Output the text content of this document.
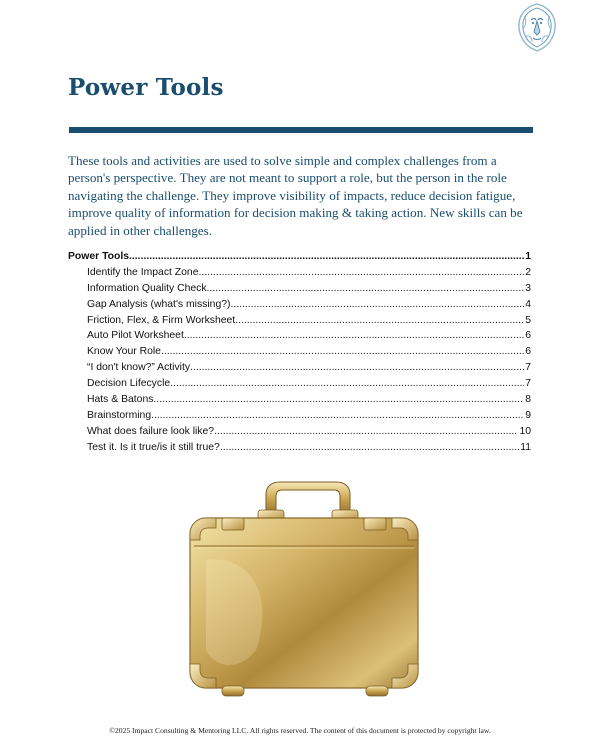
Power Tools

These tools and activities are used to solve simple and complex challenges from a person's perspective. They are not meant to support a role, but the person in the role navigating the challenge. They improve visibility of impacts, reduce decision fatigue, improve quality of information for decision making & taking action. New skills can be applied in other challenges.

Power Tools .....	1
Identify the Impact Zone .....	2
Information Quality Check .....	3
Gap Analysis (what's missing?) .....	4
Friction, Flex, & Firm Worksheet .....	5
Auto Pilot Worksheet .....	6
Know Your Role .....	6
“I don't know?” Activity .....	7
Decision Lifecycle .....	7
Hats & Batons .....	8
Brainstorming .....	9
What does failure look like? .....	10
Test it. Is it true/is it still true? .....	11
©2025 Impact Consulting & Mentoring LLC. All rights reserved. The content of this document is protected by copyright law.
